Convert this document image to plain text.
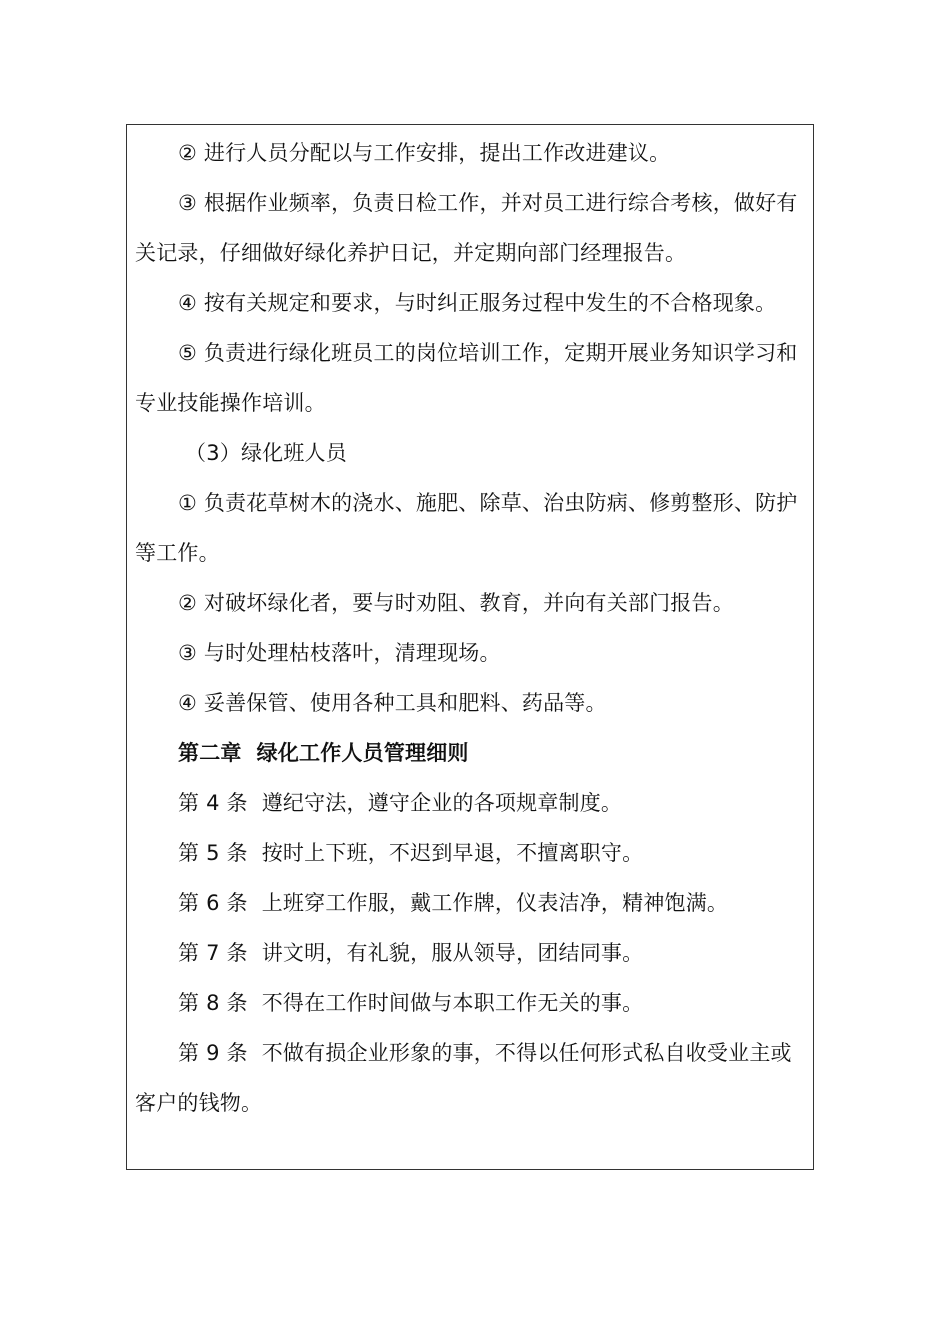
② 进行人员分配以与工作安排，提出工作改进建议。

③ 根据作业频率，负责日检工作，并对员工进行综合考核，做好有关记录，仔细做好绿化养护日记，并定期向部门经理报告。

④ 按有关规定和要求，与时纠正服务过程中发生的不合格现象。

⑤ 负责进行绿化班员工的岗位培训工作，定期开展业务知识学习和专业技能操作培训。

（3）绿化班人员

① 负责花草树木的浇水、施肥、除草、治虫防病、修剪整形、防护等工作。

② 对破坏绿化者，要与时劝阻、教育，并向有关部门报告。

③ 与时处理枯枝落叶，清理现场。

④ 妥善保管、使用各种工具和肥料、药品等。

第二章  绿化工作人员管理细则

第 4 条 遵纪守法，遵守企业的各项规章制度。

第 5 条 按时上下班，不迟到早退，不擅离职守。

第 6 条 上班穿工作服，戴工作牌，仪表洁净，精神饱满。

第 7 条 讲文明，有礼貌，服从领导，团结同事。

第 8 条 不得在工作时间做与本职工作无关的事。

第 9 条 不做有损企业形象的事，不得以任何形式私自收受业主或客户的钱物。
